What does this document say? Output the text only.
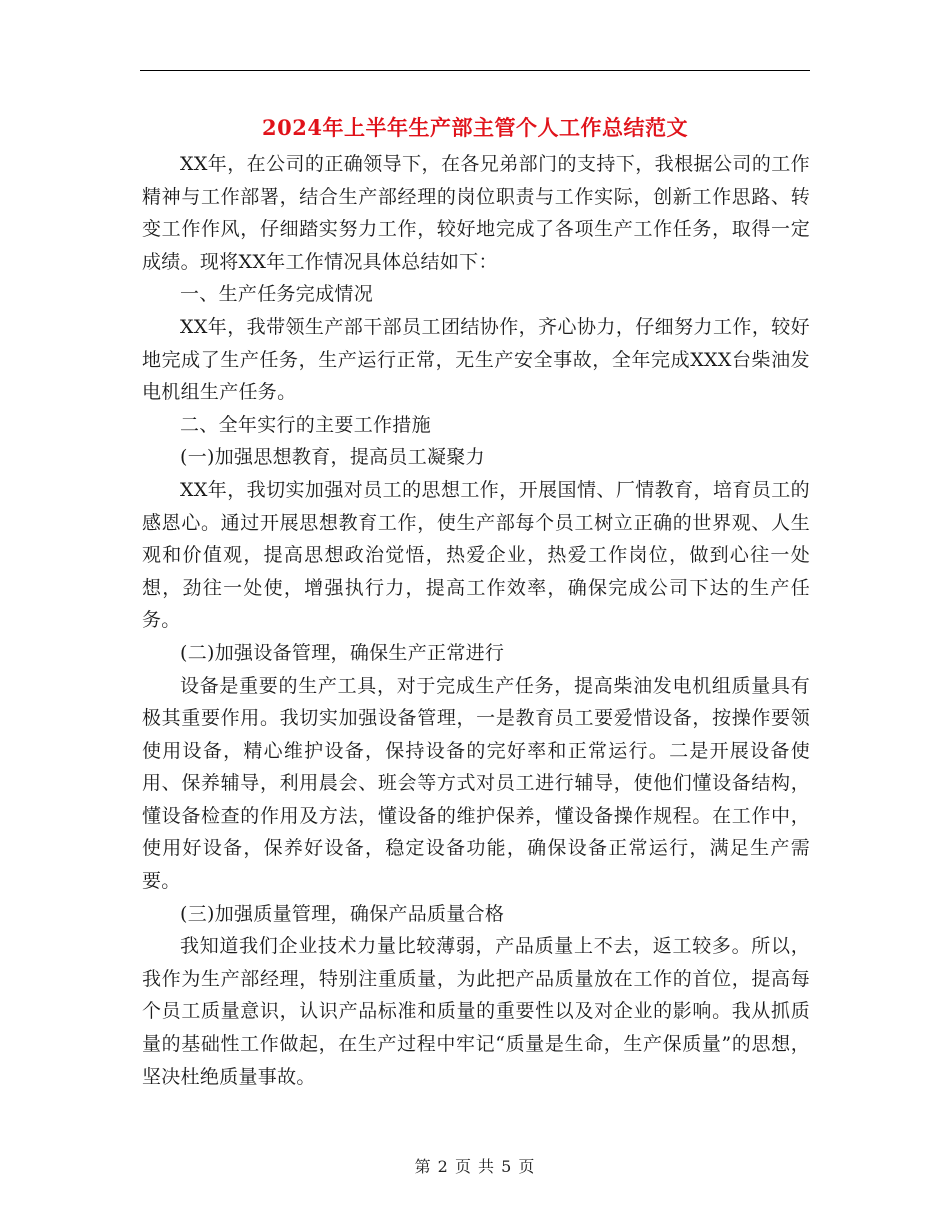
2024年上半年生产部主管个人工作总结范文

XX年，在公司的正确领导下，在各兄弟部门的支持下，我根据公司的工作精神与工作部署，结合生产部经理的岗位职责与工作实际，创新工作思路、转变工作作风，仔细踏实努力工作，较好地完成了各项生产工作任务，取得一定成绩。现将XX年工作情况具体总结如下：

一、生产任务完成情况

XX年，我带领生产部干部员工团结协作，齐心协力，仔细努力工作，较好地完成了生产任务，生产运行正常，无生产安全事故，全年完成XXX台柴油发电机组生产任务。

二、全年实行的主要工作措施

(一)加强思想教育，提高员工凝聚力

XX年，我切实加强对员工的思想工作，开展国情、厂情教育，培育员工的感恩心。通过开展思想教育工作，使生产部每个员工树立正确的世界观、人生观和价值观，提高思想政治觉悟，热爱企业，热爱工作岗位，做到心往一处想，劲往一处使，增强执行力，提高工作效率，确保完成公司下达的生产任务。

(二)加强设备管理，确保生产正常进行

设备是重要的生产工具，对于完成生产任务，提高柴油发电机组质量具有极其重要作用。我切实加强设备管理，一是教育员工要爱惜设备，按操作要领使用设备，精心维护设备，保持设备的完好率和正常运行。二是开展设备使用、保养辅导，利用晨会、班会等方式对员工进行辅导，使他们懂设备结构，懂设备检查的作用及方法，懂设备的维护保养，懂设备操作规程。在工作中，使用好设备，保养好设备，稳定设备功能，确保设备正常运行，满足生产需要。

(三)加强质量管理，确保产品质量合格

我知道我们企业技术力量比较薄弱，产品质量上不去，返工较多。所以，我作为生产部经理，特别注重质量，为此把产品质量放在工作的首位，提高每个员工质量意识，认识产品标准和质量的重要性以及对企业的影响。我从抓质量的基础性工作做起，在生产过程中牢记“质量是生命，生产保质量”的思想，坚决杜绝质量事故。

第 2 页 共 5 页
